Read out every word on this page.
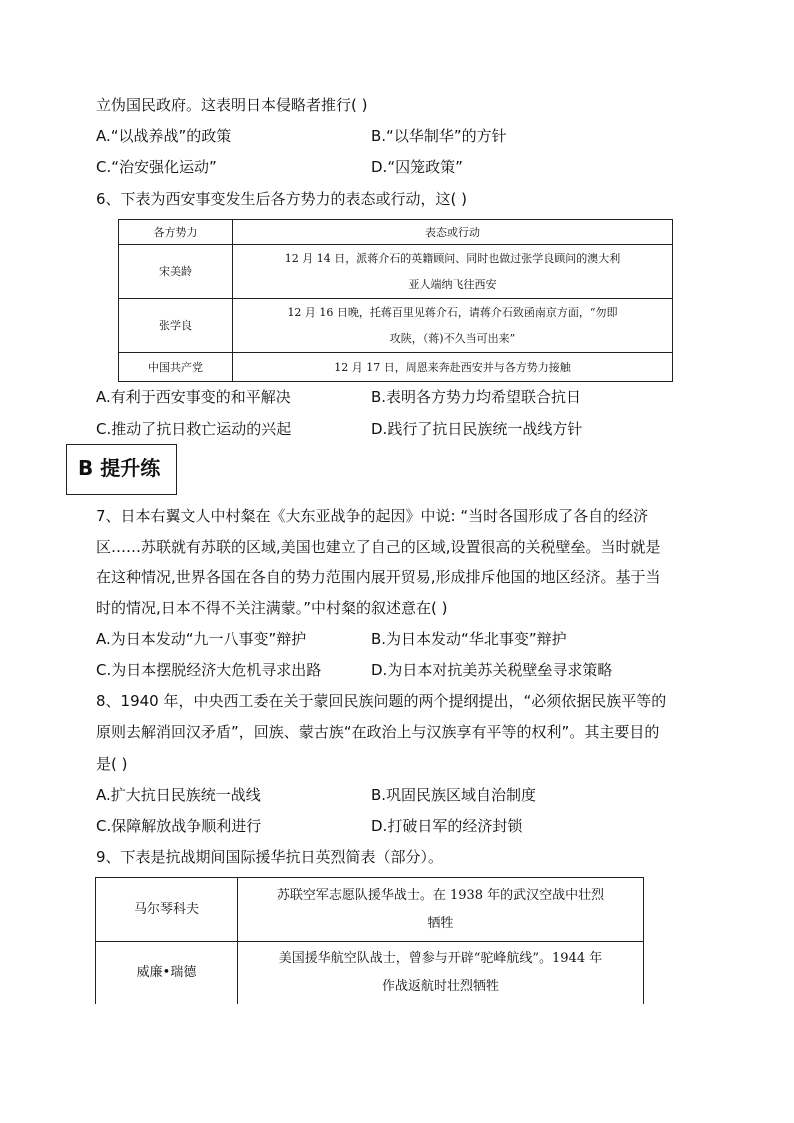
立伪国民政府。这表明日本侵略者推行( )
A.“以战养战”的政策	B.“以华制华”的方针
C.“治安强化运动”	D.“囚笼政策”
6、下表为西安事变发生后各方势力的表态或行动，这( )
各方势力	表态或行动
宋美龄	12 月 14 日，派蒋介石的英籍顾问、同时也做过张学良顾问的澳大利
亚人端纳飞往西安

张学良	12 月 16 日晚，托蒋百里见蒋介石，请蒋介石致函南京方面，“勿即
攻陕，（蒋)不久当可出来”

中国共产党	12 月 17 日，周恩来奔赴西安并与各方势力接触
A.有利于西安事变的和平解决	B.表明各方势力均希望联合抗日
C.推动了抗日救亡运动的兴起	D.践行了抗日民族统一战线方针
B 提升练
7、日本右翼文人中村粲在《大东亚战争的起因》中说: “当时各国形成了各自的经济
区……苏联就有苏联的区域,美国也建立了自己的区域,设置很高的关税壁垒。当时就是
在这种情况,世界各国在各自的势力范围内展开贸易,形成排斥他国的地区经济。基于当
时的情况,日本不得不关注满蒙。”中村粲的叙述意在( )
A.为日本发动“九一八事变”辩护	B.为日本发动“华北事变”辩护
C.为日本摆脱经济大危机寻求出路	D.为日本对抗美苏关税壁垒寻求策略
8、1940 年，中央西工委在关于蒙回民族问题的两个提纲提出，“必须依据民族平等的
原则去解消回汉矛盾”，回族、蒙古族“在政治上与汉族享有平等的权利”。其主要目的
是( )
A.扩大抗日民族统一战线	B.巩固民族区域自治制度
C.保障解放战争顺利进行	D.打破日军的经济封锁
9、下表是抗战期间国际援华抗日英烈简表（部分）。
马尔琴科夫	苏联空军志愿队援华战士。在 1938 年的武汉空战中壮烈
牺牲

威廉•瑞德	美国援华航空队战士，曾参与开辟“驼峰航线”。1944 年
作战返航时壮烈牺牲
